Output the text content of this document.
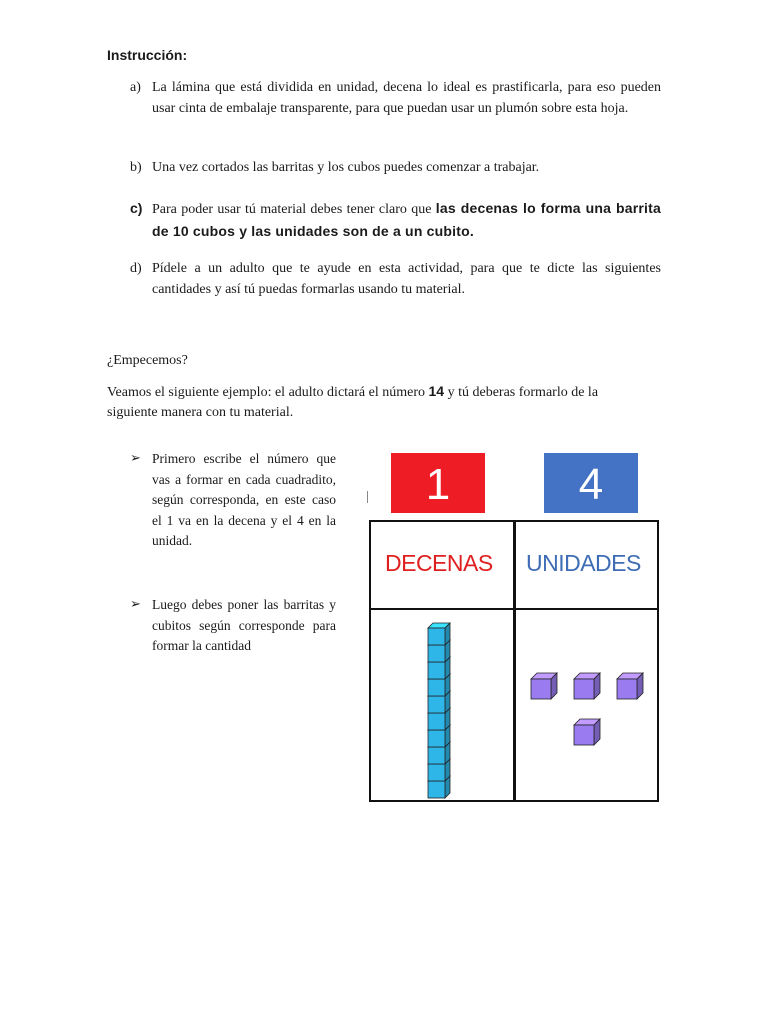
Instrucción:
a) La lámina que está dividida en unidad, decena lo ideal es prastificarla, para eso pueden usar cinta de embalaje transparente, para que puedan usar un plumón sobre esta hoja.
b) Una vez cortados las barritas y los cubos puedes comenzar a trabajar.
c) Para poder usar tú material debes tener claro que las decenas lo forma una barrita de 10 cubos y las unidades son de a un cubito.
d) Pídele a un adulto que te ayude en esta actividad, para que te dicte las siguientes cantidades y así tú puedas formarlas usando tu material.
¿Empecemos?
Veamos el siguiente ejemplo: el adulto dictará el número 14 y tú deberas formarlo de la siguiente manera con tu material.
➢ Primero escribe el número que vas a formar en cada cuadradito, según corresponda, en este caso el 1 va en la decena y el 4 en la unidad.
➢ Luego debes poner las barritas y cubitos según corresponde para formar la cantidad
1	4
DECENAS UNIDADES
